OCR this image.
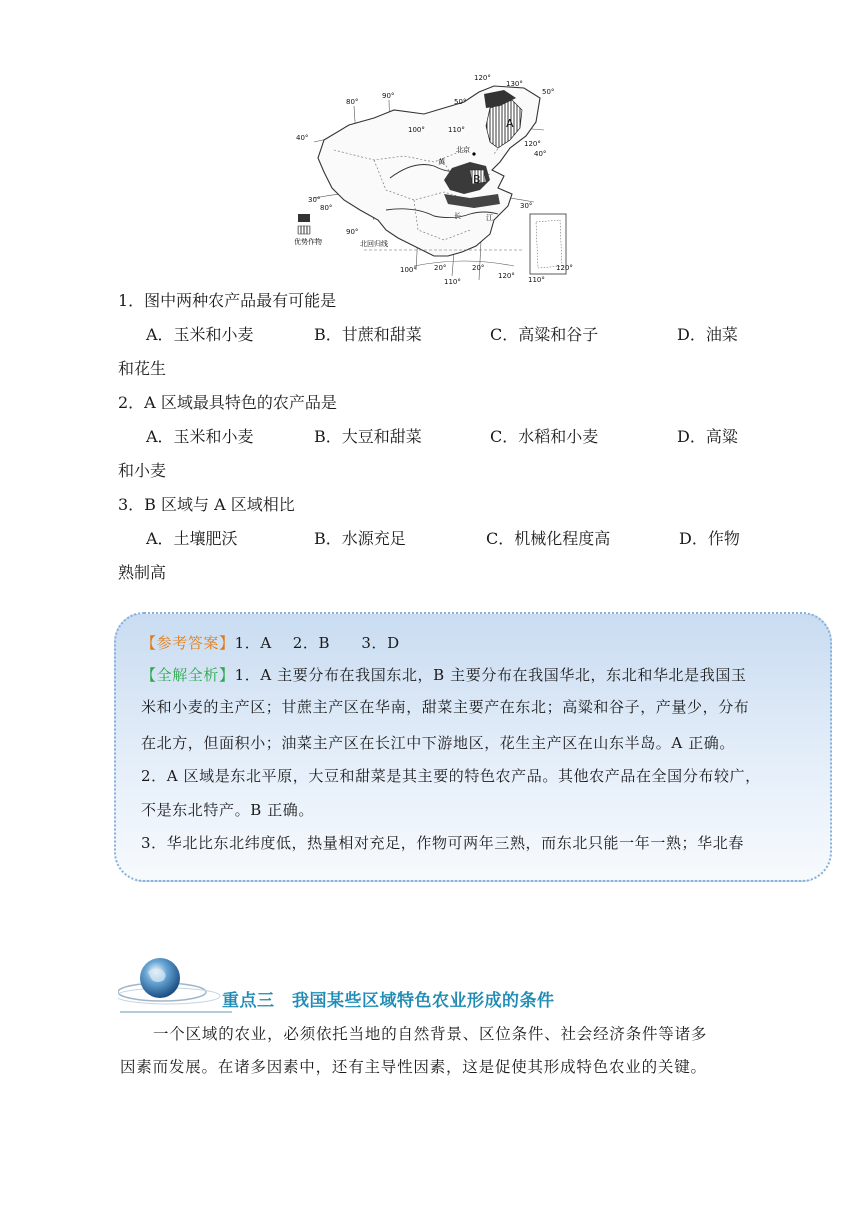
A
B
北京
黄
长	江
优势作物	北回归线
80°
90°
100°	110°
120°
130°
120°
80°
90°
100°
110°
120° 110°
120°
50°
40°
30°
40°
30°
20°	20°
50°
1．图中两种农产品最有可能是
A．玉米和小麦	B．甘蔗和甜菜	C．高粱和谷子	D．油菜
和花生
2．A 区域最具特色的农产品是
A．玉米和小麦	B．大豆和甜菜	C．水稻和小麦	D．高粱
和小麦
3．B 区域与 A 区域相比
A．土壤肥沃	B．水源充足	C．机械化程度高	D．作物
熟制高
【参考答案】1．A　 2．B　　3．D
【全解全析】1．A 主要分布在我国东北，B 主要分布在我国华北，东北和华北是我国玉
米和小麦的主产区；甘蔗主产区在华南，甜菜主要产在东北；高粱和谷子，产量少，分布
在北方，但面积小；油菜主产区在长江中下游地区，花生主产区在山东半岛。A 正确。
2．A 区域是东北平原，大豆和甜菜是其主要的特色农产品。其他农产品在全国分布较广，
不是东北特产。B 正确。
3．华北比东北纬度低，热量相对充足，作物可两年三熟，而东北只能一年一熟；华北春
重点三　我国某些区域特色农业形成的条件
一个区域的农业，必须依托当地的自然背景、区位条件、社会经济条件等诸多
因素而发展。在诸多因素中，还有主导性因素，这是促使其形成特色农业的关键。
